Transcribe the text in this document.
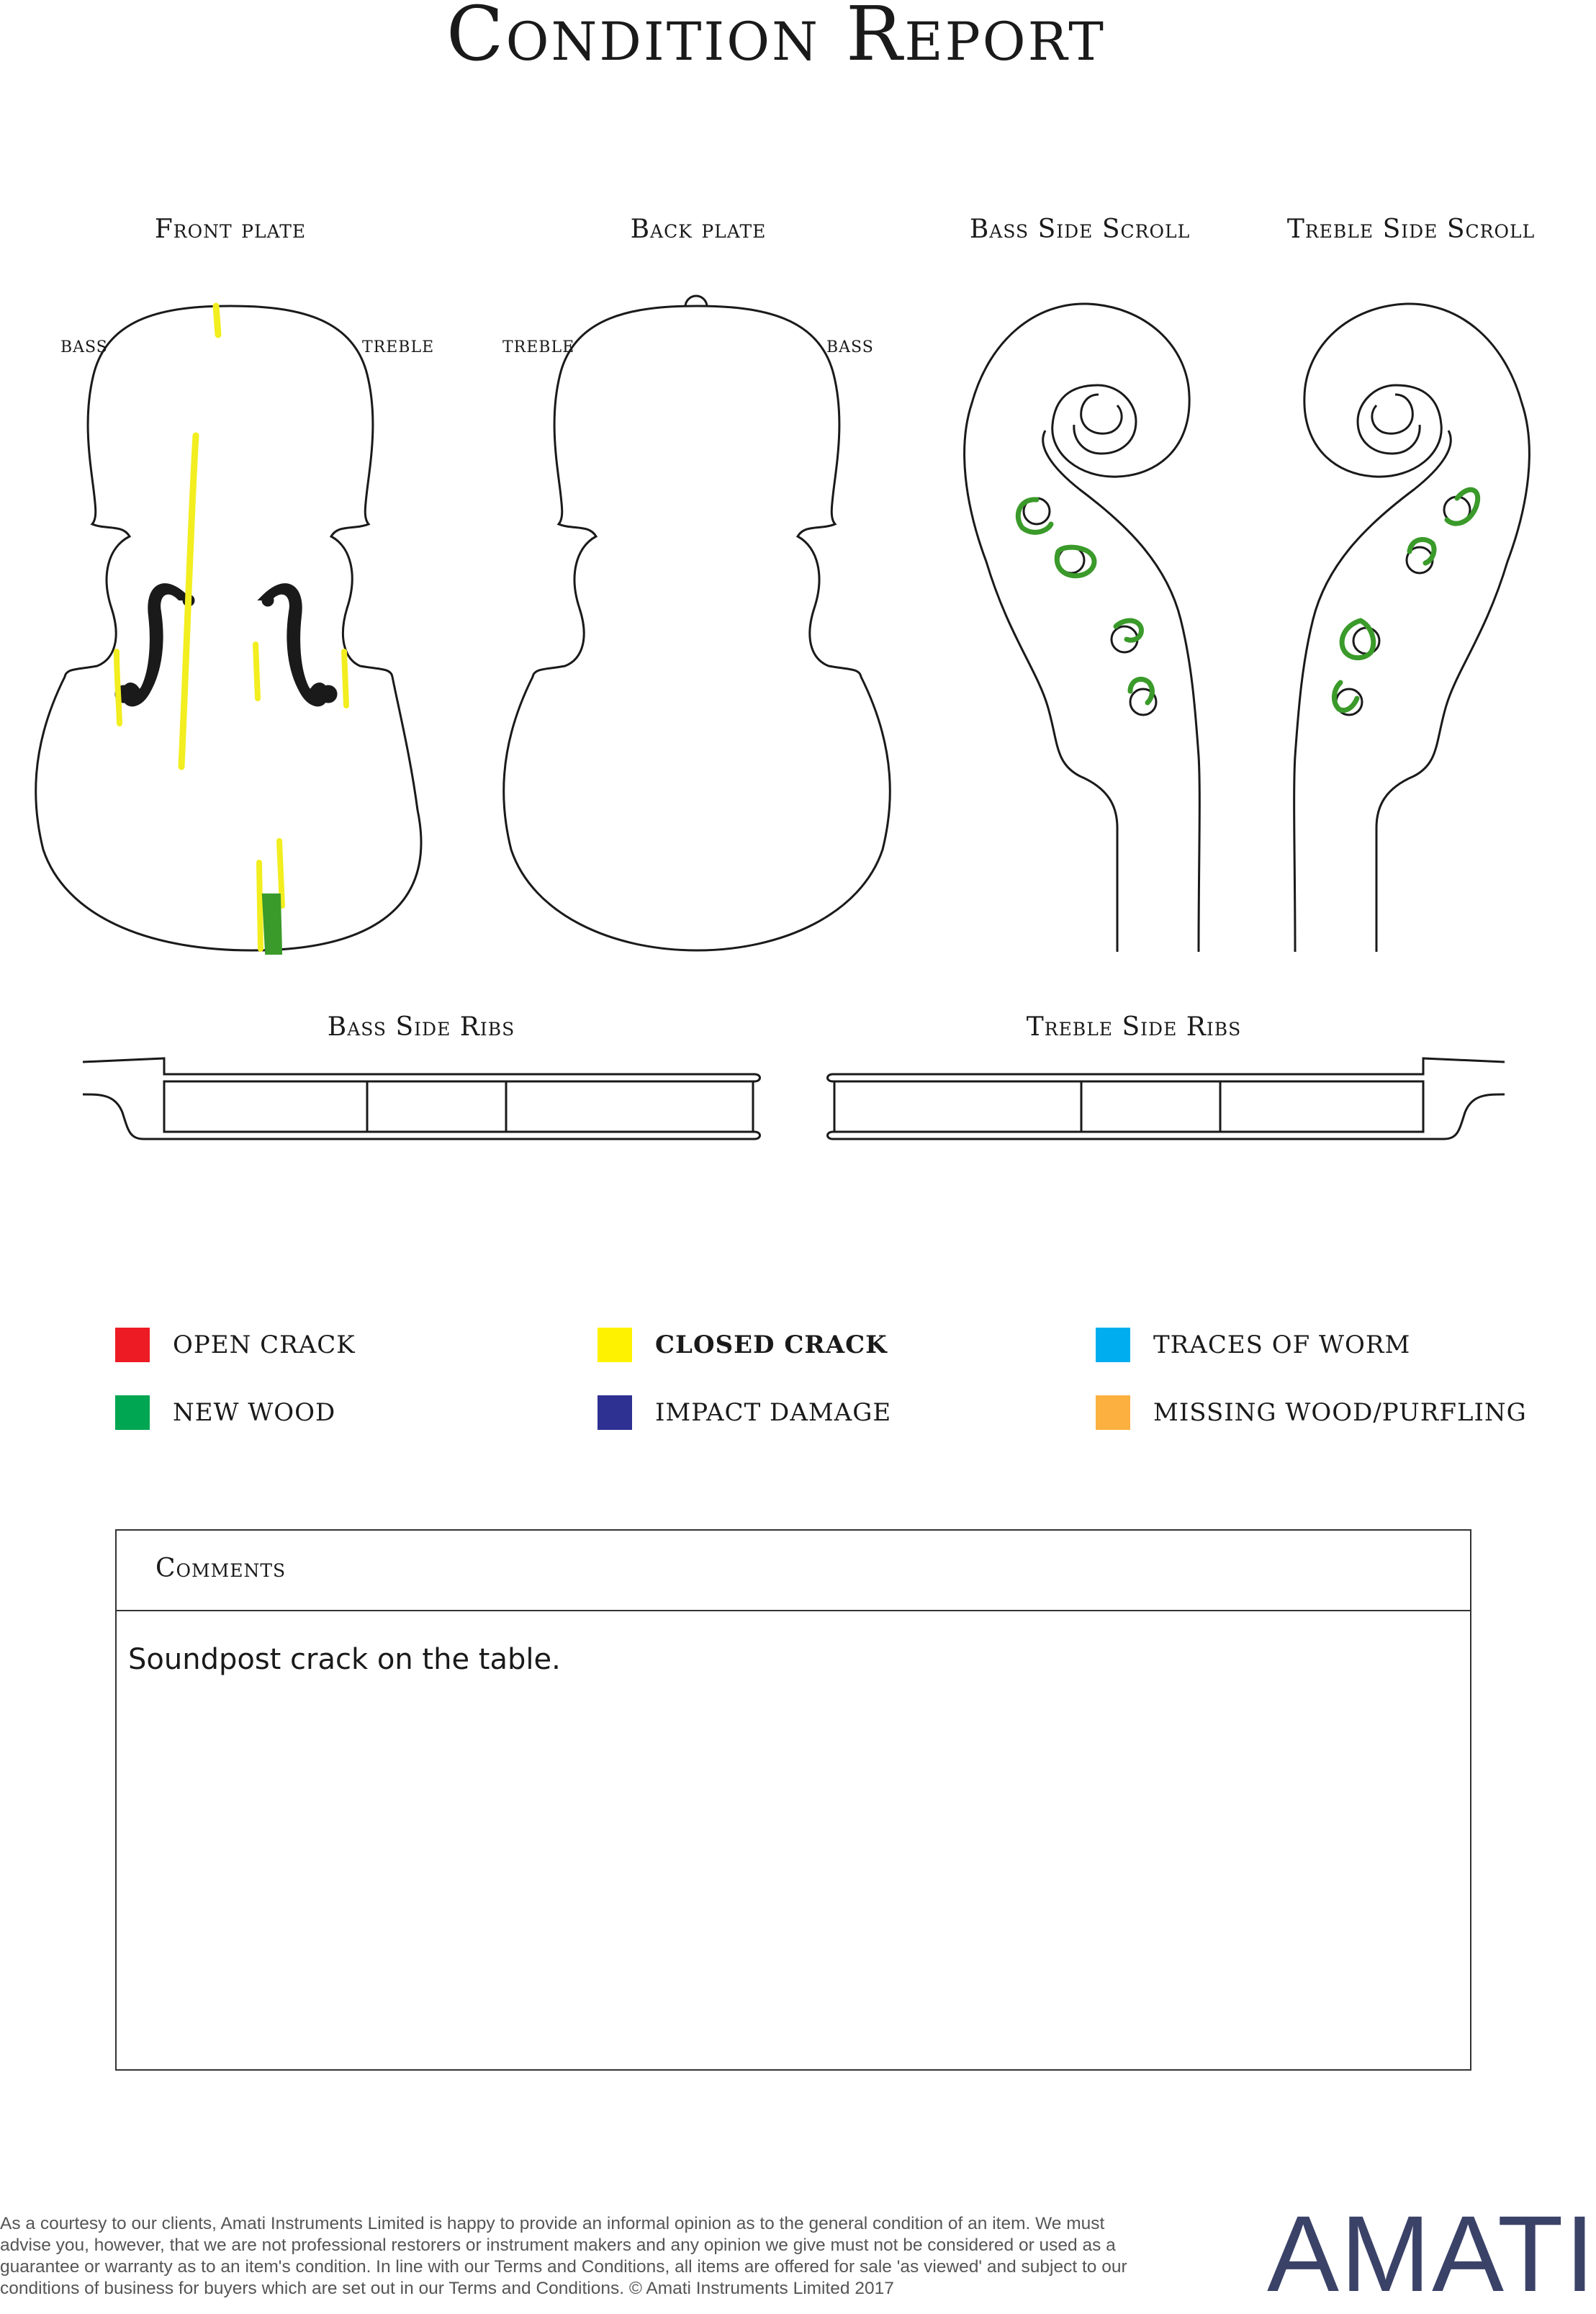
Condition Report
Front plate	Back plate	Bass Side Scroll	Treble Side Scroll
Bass Side Ribs	Treble Side Ribs
BASS	TREBLE	TREBLE	BASS
OPEN CRACK	CLOSED CRACK	TRACES OF WORM
NEW WOOD	IMPACT DAMAGE	MISSING WOOD/PURFLING
Comments
Soundpost crack on the table.
As a courtesy to our clients, Amati Instruments Limited is happy to provide an informal opinion as to the general condition of an item. We must advise you, however, that we are not professional restorers or instrument makers and any opinion we give must not be considered or used as a guarantee or warranty as to an item's condition. In line with our Terms and Conditions, all items are offered for sale 'as viewed' and subject to our conditions of business for buyers which are set out in our Terms and Conditions. © Amati Instruments Limited 2017	AMATI
